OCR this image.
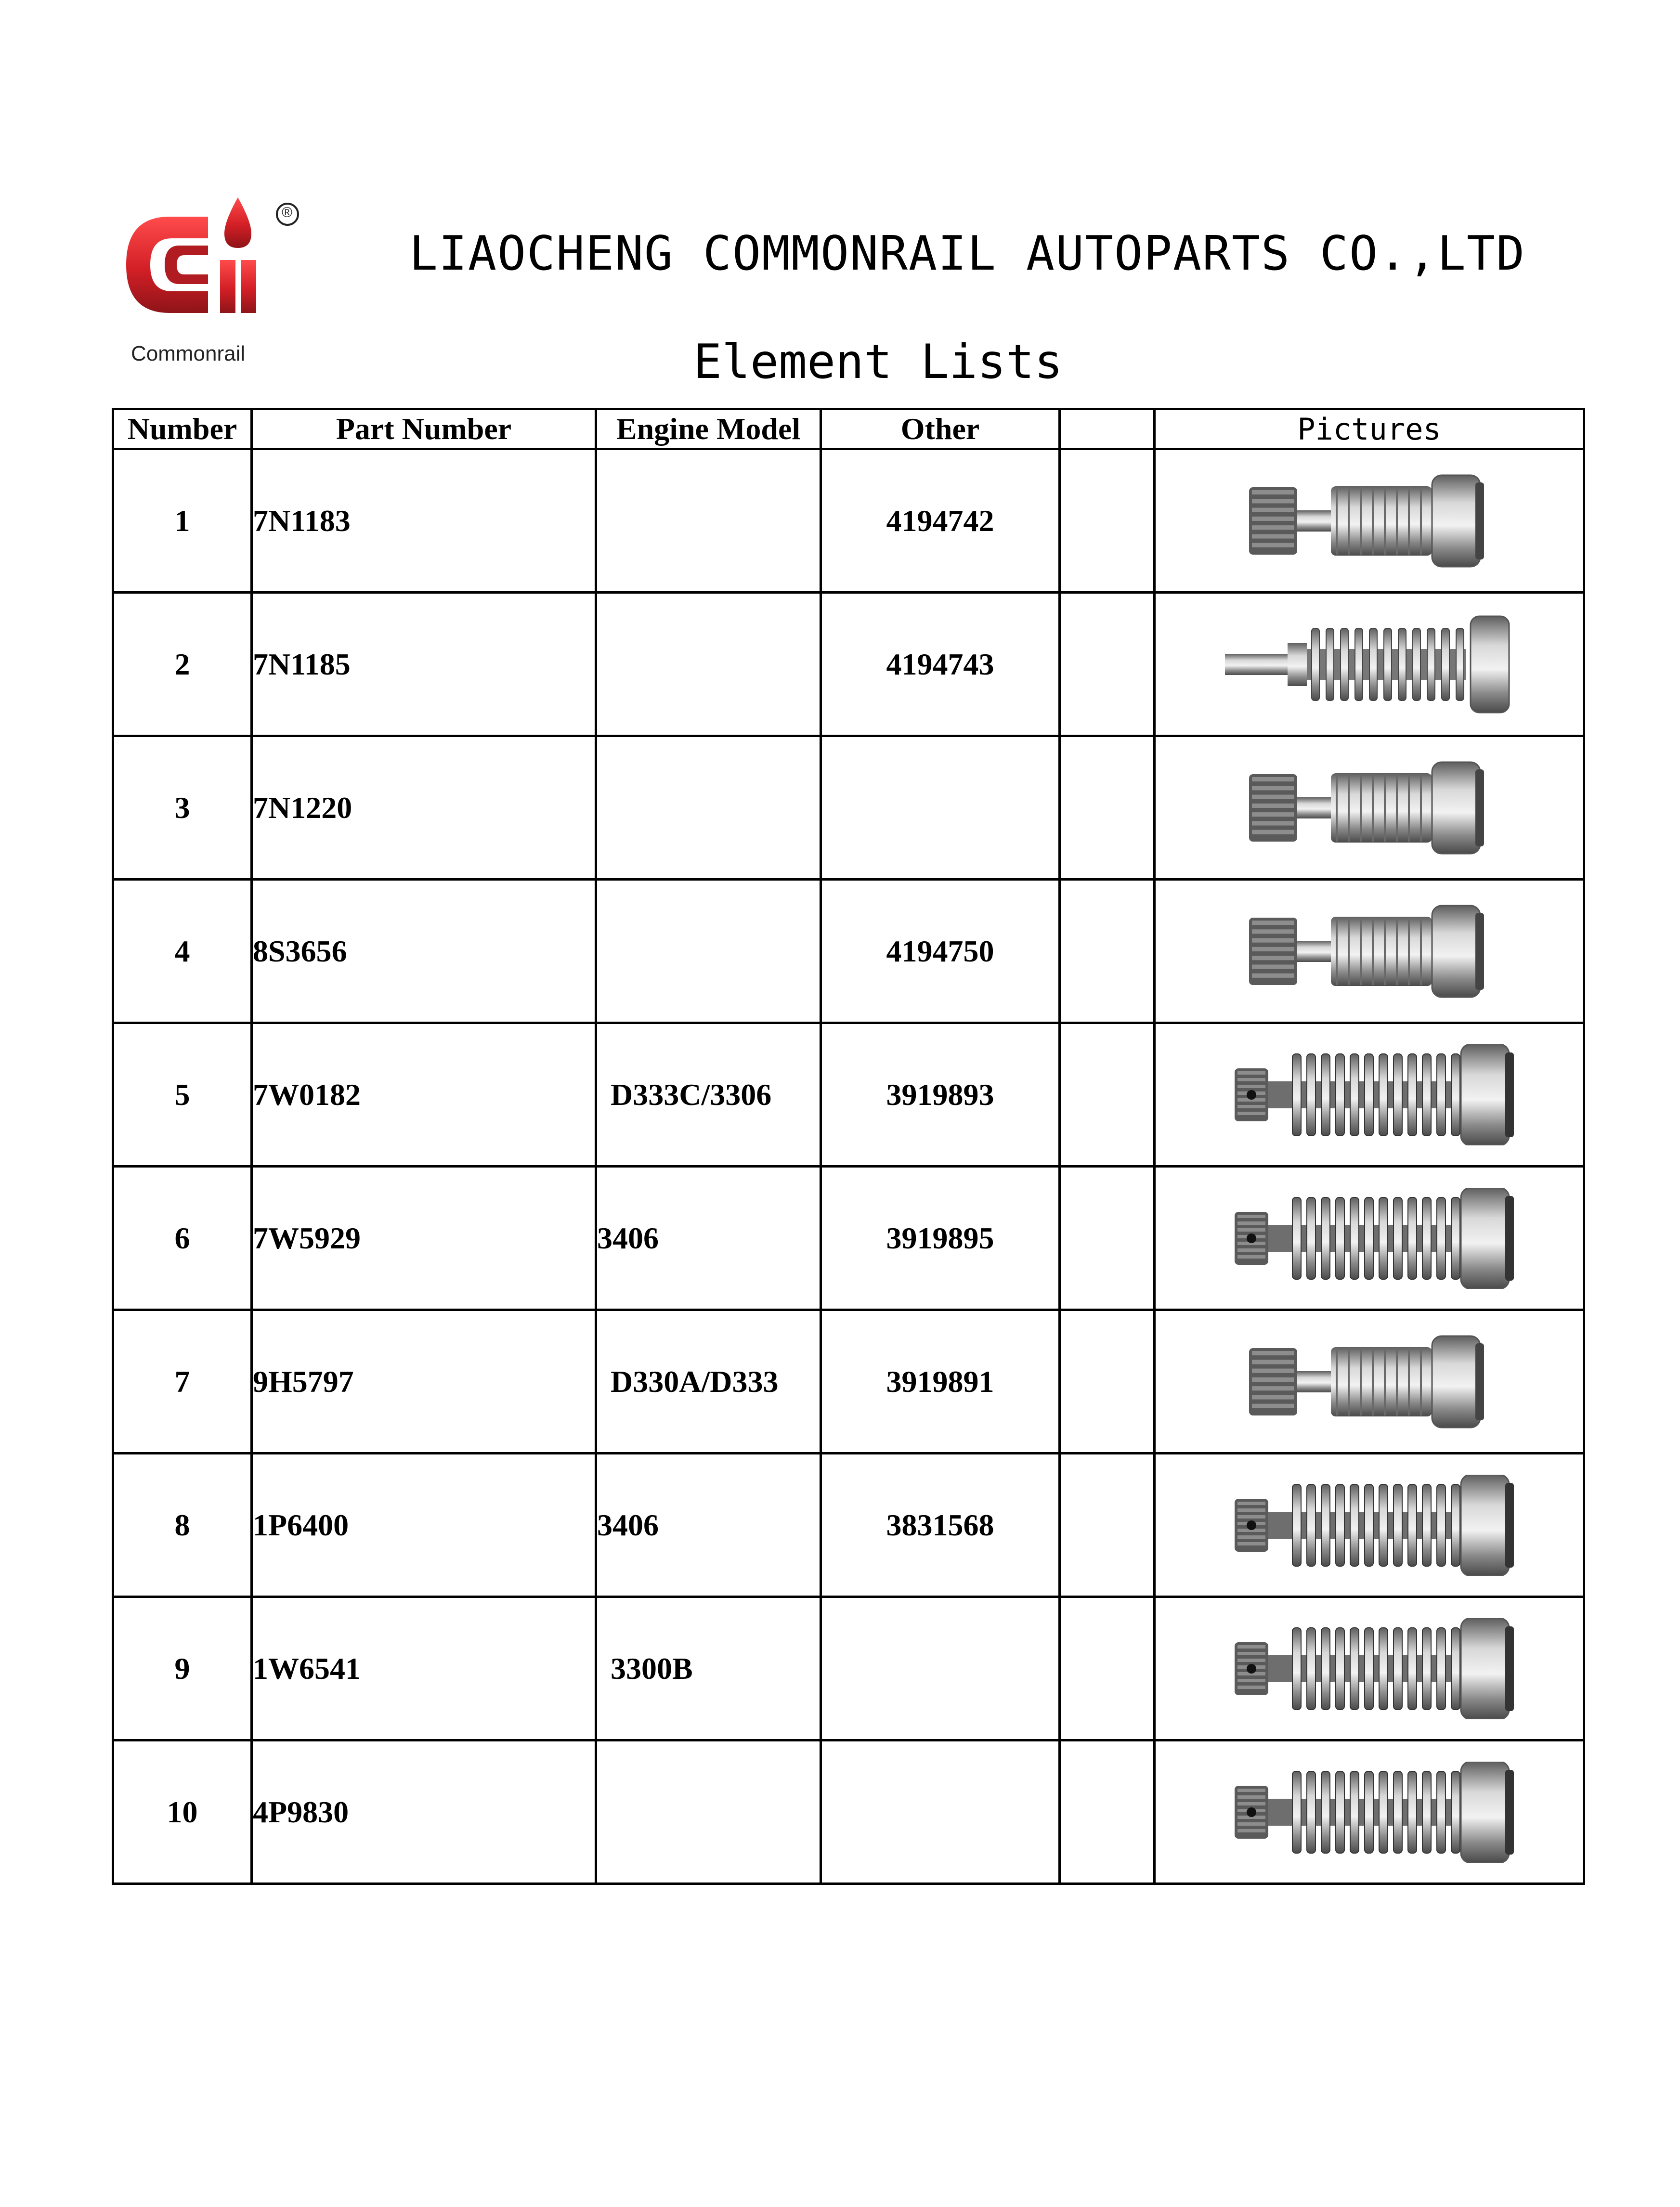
®
Commonrail
LIAOCHENG COMMONRAIL AUTOPARTS CO.,LTD
Element Lists
Number	Part Number	Engine Model	Other		Pictures
1	7N1183		4194742		

2	7N1185		4194743		

3	7N1220				

4	8S3656		4194750		

5	7W0182	D333C/3306	3919893		

6	7W5929	3406	3919895		

7	9H5797	D330A/D333	3919891		

8	1P6400	3406	3831568		

9	1W6541	3300B			

10	4P9830				
